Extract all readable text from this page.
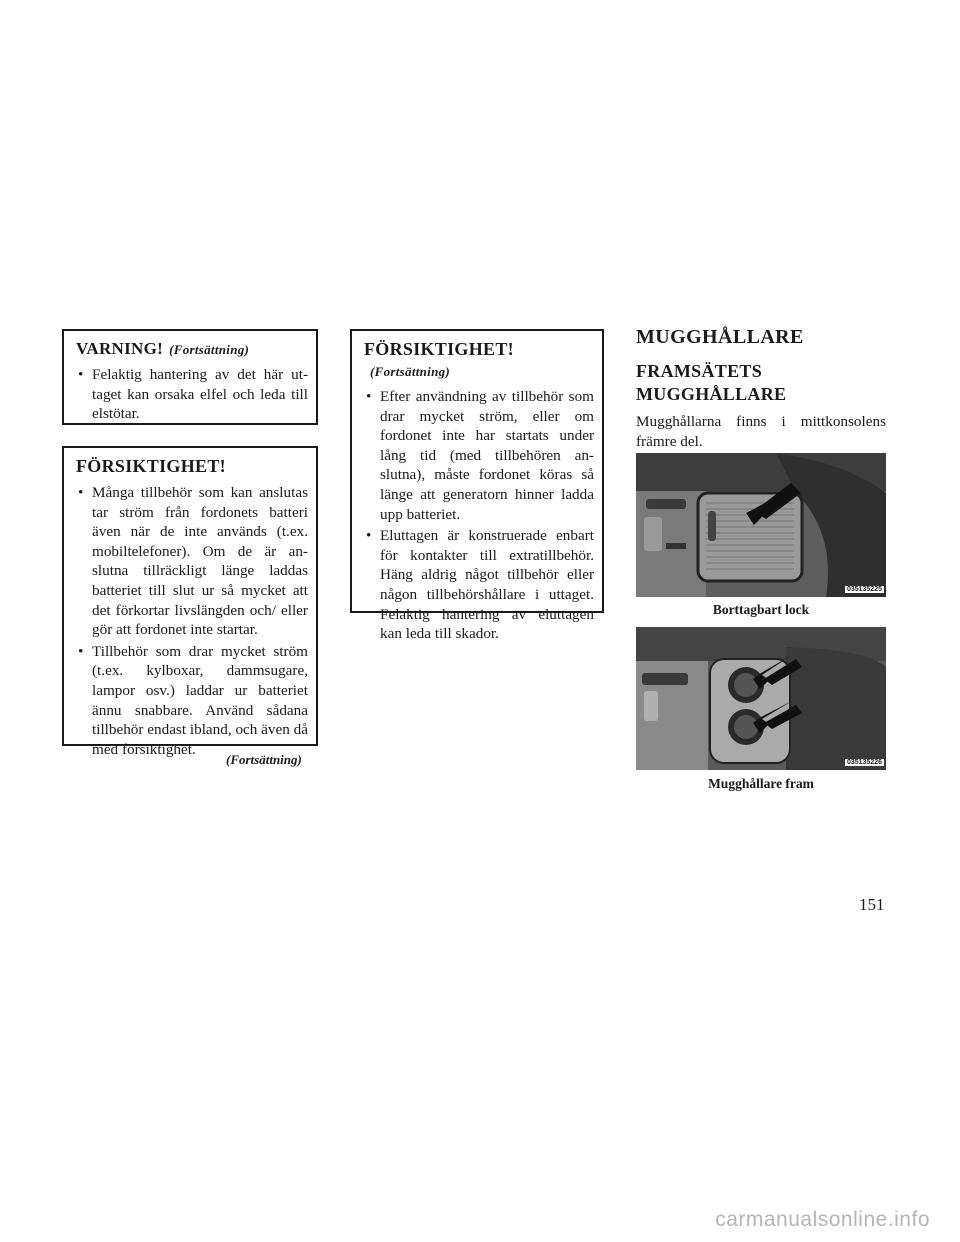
VARNING! (Fortsättning)
• Felaktig hantering av det här ut-taget kan orsaka elfel och leda till elstötar.
FÖRSIKTIGHET!
• Många tillbehör som kan anslutas tar ström från fordonets batteri även när de inte används (t.ex. mobiltelefoner). Om de är an-slutna tillräckligt länge laddas batteriet till slut ur så mycket att det förkortar livslängden och/ eller gör att fordonet inte startar.
• Tillbehör som drar mycket ström (t.ex. kylboxar, dammsugare, lampor osv.) laddar ur batteriet ännu snabbare. Använd sådana tillbehör endast ibland, och även då med försiktighet.
(Fortsättning)
FÖRSIKTIGHET!(Fortsättning)
• Efter användning av tillbehör som drar mycket ström, eller om fordonet inte har startats under lång tid (med tillbehören an-slutna), måste fordonet köras så länge att generatorn hinner ladda upp batteriet.
• Eluttagen är konstruerade enbart för kontakter till extratillbehör. Häng aldrig något tillbehör eller någon tillbehörshållare i uttaget. Felaktig hantering av eluttagen kan leda till skador.
MUGGHÅLLARE
FRAMSÄTETS
MUGGHÅLLARE

Mugghållarna finns i mittkonsolens främre del.

035135225
Borttagbart lock
035135226
Mugghållare fram
151
carmanualsonline.info
